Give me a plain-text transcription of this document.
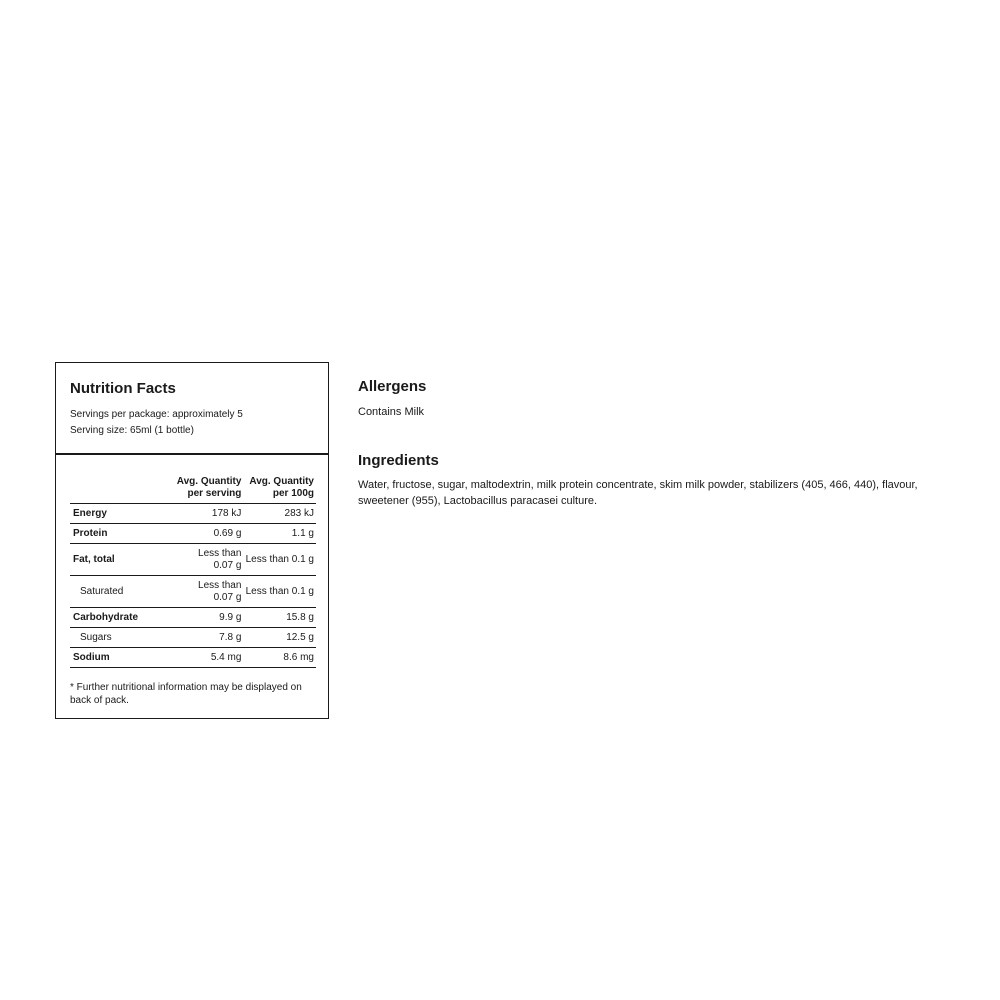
Nutrition Facts
Servings per package: approximately 5
Serving size: 65ml (1 bottle)
	Avg. Quantity
per serving	Avg. Quantity
per 100g
Energy	178 kJ	283 kJ
Protein	0.69 g	1.1 g
Fat, total	Less than
0.07 g	Less than 0.1 g
Saturated	Less than
0.07 g	Less than 0.1 g
Carbohydrate	9.9 g	15.8 g
Sugars	7.8 g	12.5 g
Sodium	5.4 mg	8.6 mg
* Further nutritional information may be displayed on back of pack.
Allergens
Contains Milk
Ingredients
Water, fructose, sugar, maltodextrin, milk protein concentrate, skim milk powder, stabilizers (405, 466, 440), flavour, sweetener (955), Lactobacillus paracasei culture.
